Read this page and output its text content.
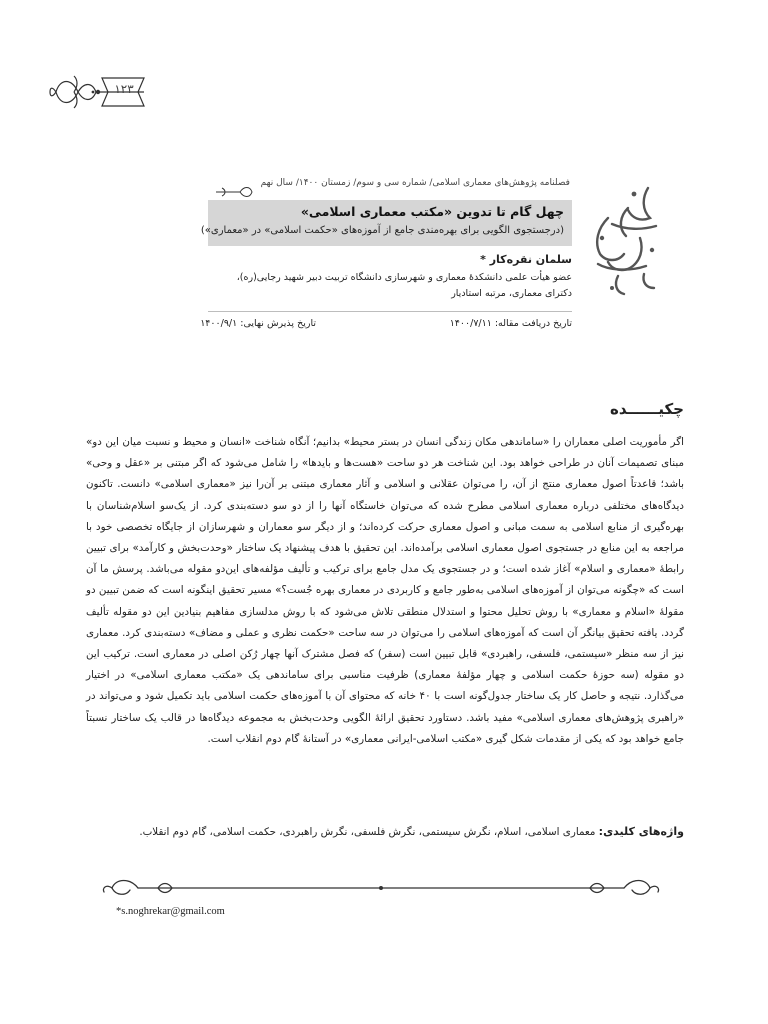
۱۲۳
فصلنامه پژوهش‌های معماری اسلامی/ شماره سی و سوم/ زمستان ۱۴۰۰/ سال نهم
چهل گام تا تدوین «مکتب معماری اسلامی»
(درجستجوی الگویی برای بهره‌مندی جامع از آموزه‌های «حکمت اسلامی» در «معماری»)
سلمان نقره‌کار *
عضو هیأت علمی دانشکدۀ معماری و شهرسازی دانشگاه تربیت دبیر شهید رجایی(ره)، دکترای معماری، مرتبه استادیار
تاریخ دریافت مقاله: ۱۴۰۰/۷/۱۱
تاریخ پذیرش نهایی: ۱۴۰۰/۹/۱
چکیــــــده
اگر مأموریت اصلی معماران را «ساماندهی مکان زندگی انسان در بستر محیط» بدانیم؛ آنگاه شناخت «انسان و محیط و نسبت میان این دو» مبنای تصمیمات آنان در طراحی خواهد بود. این شناخت هر دو ساحت «هست‌ها و بایدها» را شامل می‌شود که اگر مبتنی بر «عقل و وحی» باشد؛ قاعدتاً اصول معماری منتج از آن، را می‌توان عقلانی و اسلامی و آثار معماری مبتنی بر آن‌را نیز «معماری اسلامی» دانست. تاکنون دیدگاه‌های مختلفی درباره معماری اسلامی مطرح شده که می‌توان خاستگاه آنها را از دو سو دسته‌بندی کرد. از یک‌سو اسلام‌شناسان با بهره‌گیری از منابع اسلامی به سمت مبانی و اصول معماری حرکت کرده‌اند؛ و از دیگر سو معماران و شهرسازان از جایگاه تخصصی خود با مراجعه به این منابع در جستجوی اصول معماری اسلامی برآمده‌اند. این تحقیق با هدف پیشنهاد یک ساختار «وحدت‌بخش و کارآمد» برای تبیین رابطۀ «معماری و اسلام» آغاز شده است؛ و در جستجوی یک مدل جامع برای ترکیب و تألیف مؤلفه‌های این‌دو مقوله می‌باشد. پرسش ما آن است که «چگونه می‌توان از آموزه‌های اسلامی به‌طور جامع و کاربردی در معماری بهره جُست؟» مسیر تحقیق اینگونه است که ضمن تبیین دو مقولۀ «اسلام و معماری» با روش تحلیل محتوا و استدلال منطقی تلاش می‌شود که با روش مدلسازی مفاهیم بنیادین این دو مقوله تألیف گردد. یافته تحقیق بیانگر آن است که آموزه‌های اسلامی را می‌توان در سه ساحت «حکمت نظری و عملی و مضاف» دسته‌بندی کرد. معماری نیز از سه منظر «سیستمی، فلسفی، راهبردی» قابل تبیین است (سفر) که فصل مشترک آنها چهار رُکن اصلی در معماری است. ترکیب این دو مقوله (سه حوزۀ حکمت اسلامی و چهار مؤلفۀ معماری) ظرفیت مناسبی برای ساماندهی یک «مکتب معماری اسلامی» در اختیار می‌گذارد. نتیجه و حاصل کار یک ساختار جدول‌گونه است با ۴۰ خانه که محتوای آن با آموزه‌های حکمت اسلامی باید تکمیل شود و می‌تواند در «راهبری پژوهش‌های معماری اسلامی» مفید باشد. دستاورد تحقیق ارائۀ الگویی وحدت‌بخش به مجموعه دیدگاه‌ها در قالب یک ساختار نسبتاً جامع خواهد بود که یکی از مقدمات شکل گیری «مکتب اسلامی-ایرانی معماری» در آستانۀ گام دوم انقلاب است.
واژه‌های کلیدی: معماری اسلامی، اسلام، نگرش سیستمی، نگرش فلسفی، نگرش راهبردی، حکمت اسلامی، گام دوم انقلاب.
*s.noghrekar@gmail.com
